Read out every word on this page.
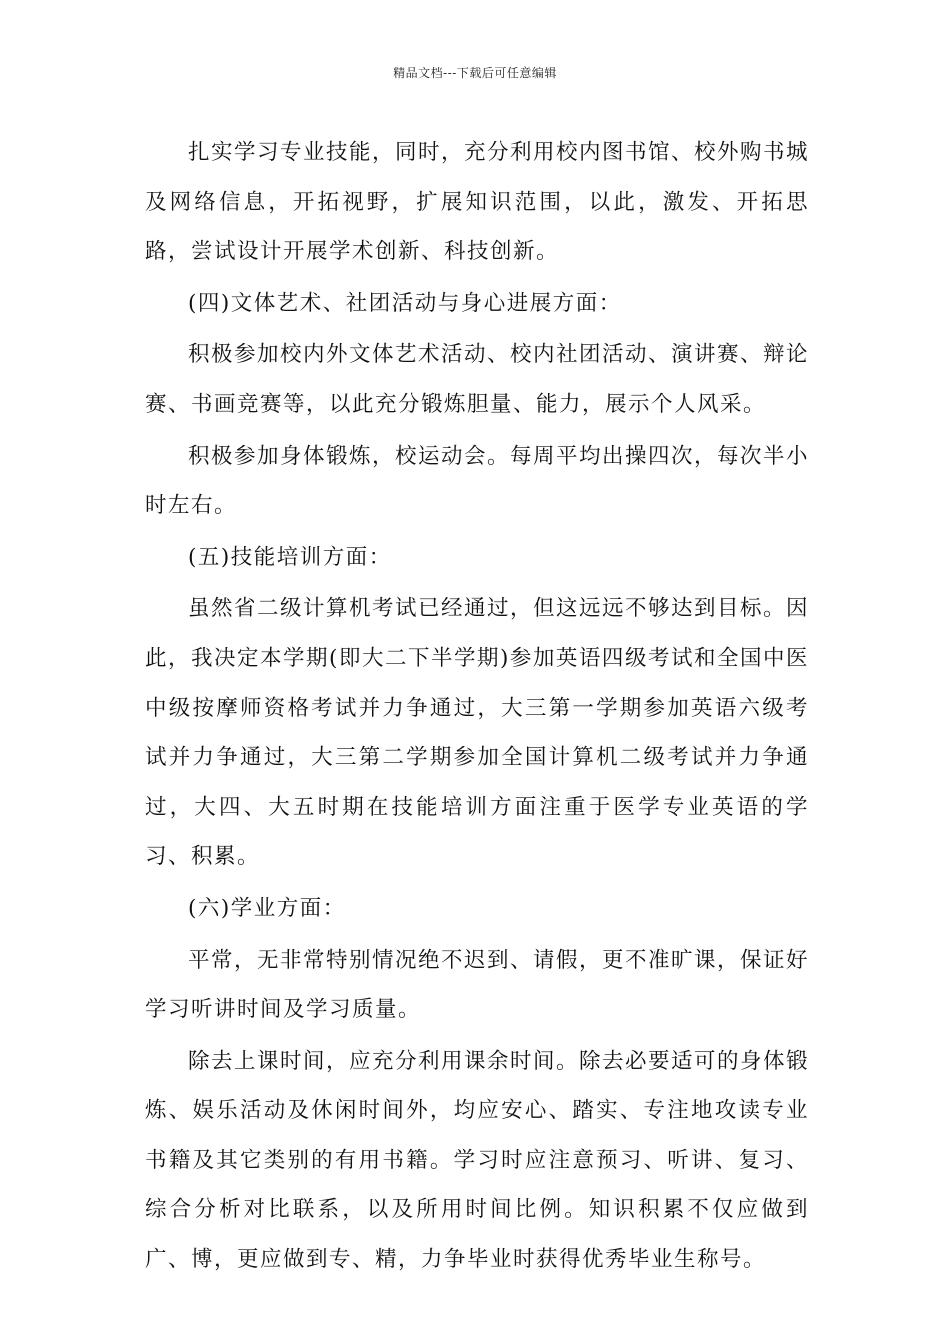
精品文档---下载后可任意编辑

扎实学习专业技能，同时，充分利用校内图书馆、校外购书城及网络信息，开拓视野，扩展知识范围，以此，激发、开拓思路，尝试设计开展学术创新、科技创新。

(四)文体艺术、社团活动与身心进展方面：

积极参加校内外文体艺术活动、校内社团活动、演讲赛、辩论赛、书画竞赛等，以此充分锻炼胆量、能力，展示个人风采。

积极参加身体锻炼，校运动会。每周平均出操四次，每次半小时左右。

(五)技能培训方面：

虽然省二级计算机考试已经通过，但这远远不够达到目标。因此，我决定本学期(即大二下半学期)参加英语四级考试和全国中医中级按摩师资格考试并力争通过，大三第一学期参加英语六级考试并力争通过，大三第二学期参加全国计算机二级考试并力争通过，大四、大五时期在技能培训方面注重于医学专业英语的学习、积累。

(六)学业方面：

平常，无非常特别情况绝不迟到、请假，更不准旷课，保证好学习听讲时间及学习质量。

除去上课时间，应充分利用课余时间。除去必要适可的身体锻炼、娱乐活动及休闲时间外，均应安心、踏实、专注地攻读专业书籍及其它类别的有用书籍。学习时应注意预习、听讲、复习、综合分析对比联系，以及所用时间比例。知识积累不仅应做到广、博，更应做到专、精，力争毕业时获得优秀毕业生称号。
